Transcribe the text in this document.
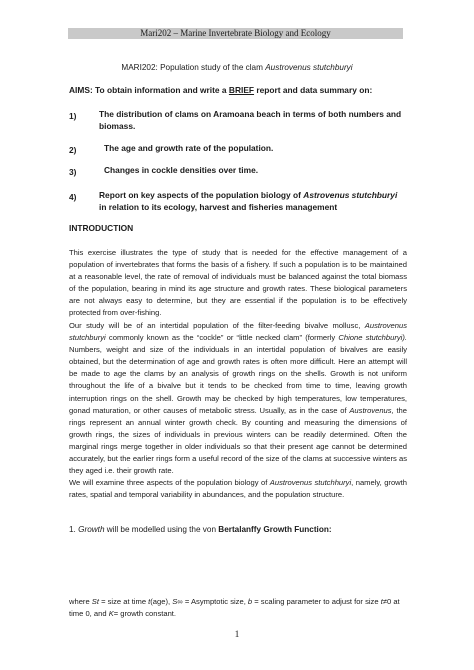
Mari202 – Marine Invertebrate Biology and Ecology
MARI202: Population study of the clam Austrovenus stutchburyi
AIMS: To obtain information and write a BRIEF report and data summary on:
1)	The distribution of clams on Aramoana beach in terms of both numbers and biomass.
2)	The age and growth rate of the population.
3)	Changes in cockle densities over time.
4)	Report on key aspects of the population biology of Astrovenus stutchburyi in relation to its ecology, harvest and fisheries management
INTRODUCTION

This exercise illustrates the type of study that is needed for the effective management of a population of invertebrates that forms the basis of a fishery. If such a population is to be maintained at a reasonable level, the rate of removal of individuals must be balanced against the total biomass of the population, bearing in mind its age structure and growth rates. These biological parameters are not always easy to determine, but they are essential if the population is to be effectively protected from over-fishing.

Our study will be of an intertidal population of the filter-feeding bivalve mollusc, Austrovenus stutchburyi commonly known as the “cockle” or “little necked clam” (formerly Chione stutchburyi). Numbers, weight and size of the individuals in an intertidal population of bivalves are easily obtained, but the determination of age and growth rates is often more difficult. Here an attempt will be made to age the clams by an analysis of growth rings on the shells. Growth is not uniform throughout the life of a bivalve but it tends to be checked from time to time, leaving growth interruption rings on the shell. Growth may be checked by high temperatures, low temperatures, gonad maturation, or other causes of metabolic stress. Usually, as in the case of Austrovenus, the rings represent an annual winter growth check. By counting and measuring the dimensions of growth rings, the sizes of individuals in previous winters can be readily determined. Often the marginal rings merge together in older individuals so that their present age cannot be determined accurately, but the earlier rings form a useful record of the size of the clams at successive winters as they aged i.e. their growth rate.

We will examine three aspects of the population biology of Austrovenus stutchhuryi, namely, growth rates, spatial and temporal variability in abundances, and the population structure.

1. Growth will be modelled using the von Bertalanffy Growth Function:

where St = size at time t(age), S∞ = Asymptotic size, b = scaling parameter to adjust for size t≠0 at time 0, and K= growth constant.

1
